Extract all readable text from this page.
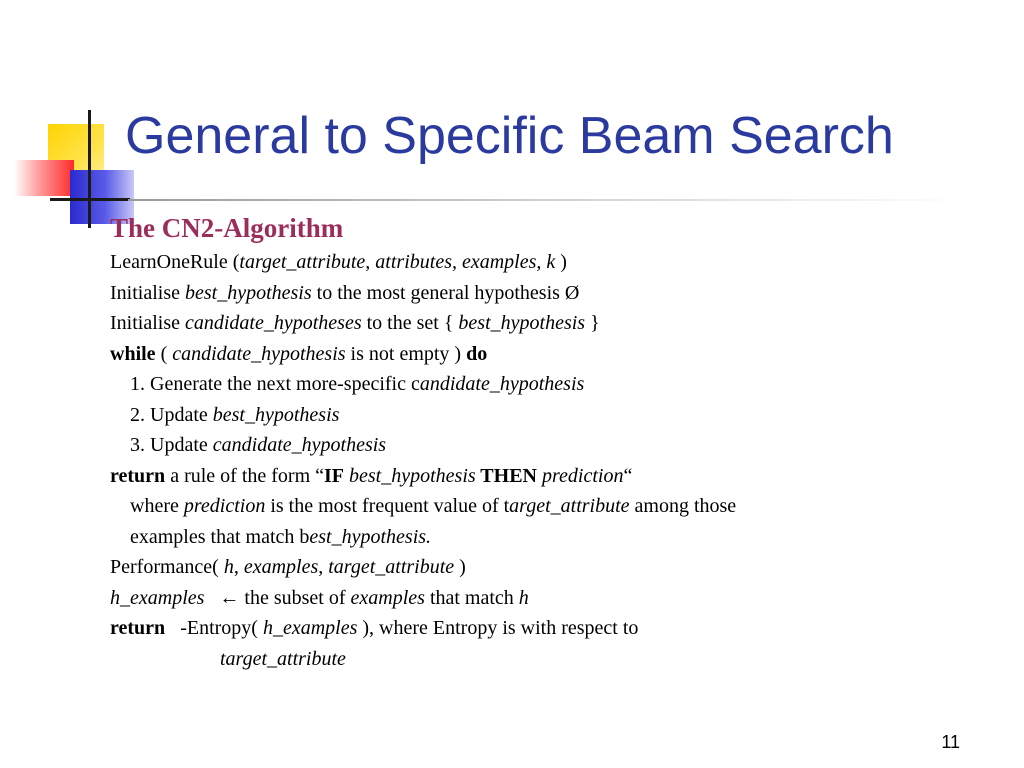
General to Specific Beam Search
The CN2-Algorithm
LearnOneRule (target_attribute, attributes, examples, k )
Initialise best_hypothesis to the most general hypothesis Ø
Initialise candidate_hypotheses to the set { best_hypothesis }
while ( candidate_hypothesis is not empty ) do
1. Generate the next more-specific candidate_hypothesis
2. Update best_hypothesis
3. Update candidate_hypothesis
return a rule of the form “IF best_hypothesis THEN prediction“
where prediction is the most frequent value of target_attribute among those
examples that match best_hypothesis.
Performance( h, examples, target_attribute )
h_examples   ← the subset of examples that match h
return   -Entropy( h_examples ), where Entropy is with respect to
target_attribute
11
